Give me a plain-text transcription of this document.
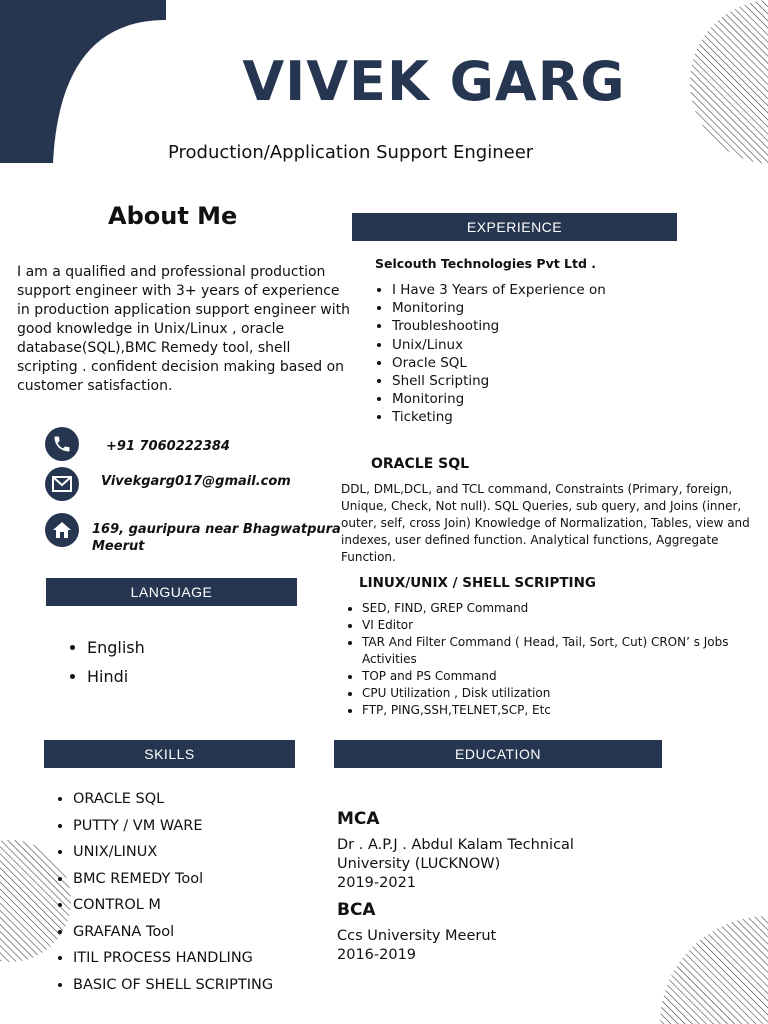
VIVEK GARG
Production/Application Support Engineer
About Me
I am a qualified and professional production support engineer with 3+ years of experience in production application support engineer with good knowledge in Unix/Linux , oracle database(SQL),BMC Remedy tool, shell scripting . confident decision making based on customer satisfaction.
+91 7060222384
Vivekgarg017@gmail.com
169, gauripura near Bhagwatpura
Meerut
LANGUAGE
• English
• Hindi
SKILLS
• ORACLE SQL
• PUTTY / VM WARE
• UNIX/LINUX
• BMC REMEDY Tool
• CONTROL M
• GRAFANA Tool
• ITIL PROCESS HANDLING
• BASIC OF SHELL SCRIPTING
EXPERIENCE
Selcouth Technologies Pvt Ltd .
• I Have 3 Years of Experience on
• Monitoring
• Troubleshooting
• Unix/Linux
• Oracle SQL
• Shell Scripting
• Monitoring
• Ticketing
ORACLE SQL
DDL, DML,DCL, and TCL command, Constraints (Primary, foreign, Unique, Check, Not null). SQL Queries, sub query, and Joins (inner, outer, self, cross Join) Knowledge of Normalization, Tables, view and indexes, user defined function. Analytical functions, Aggregate Function.
LINUX/UNIX / SHELL SCRIPTING
• SED, FIND, GREP Command
• VI Editor
• TAR And Filter Command ( Head, Tail, Sort, Cut) CRON’ s Jobs Activities
• TOP and PS Command
• CPU Utilization , Disk utilization
• FTP, PING,SSH,TELNET,SCP, Etc
EDUCATION
MCA
Dr . A.P.J . Abdul Kalam Technical
University (LUCKNOW)
2019-2021
BCA
Ccs University Meerut
2016-2019
